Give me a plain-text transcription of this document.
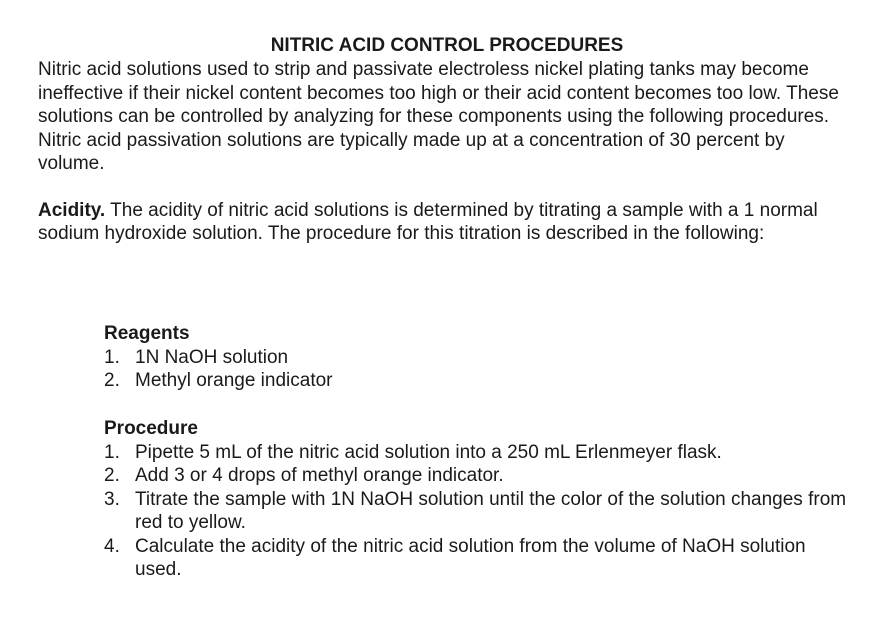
NITRIC ACID CONTROL PROCEDURES

Nitric acid solutions used to strip and passivate electroless nickel plating tanks may become ineffective if their nickel content becomes too high or their acid content becomes too low. These solutions can be controlled by analyzing for these components using the following procedures. Nitric acid passivation solutions are typically made up at a concentration of 30 percent by volume.

Acidity. The acidity of nitric acid solutions is determined by titrating a sample with a 1 normal sodium hydroxide solution. The procedure for this titration is described in the following:

Reagents
1. 1N NaOH solution
2. Methyl orange indicator
Procedure
1. Pipette 5 mL of the nitric acid solution into a 250 mL Erlenmeyer flask.
2. Add 3 or 4 drops of methyl orange indicator.
3. Titrate the sample with 1N NaOH solution until the color of the solution changes from red to yellow.
4. Calculate the acidity of the nitric acid solution from the volume of NaOH solution used.
